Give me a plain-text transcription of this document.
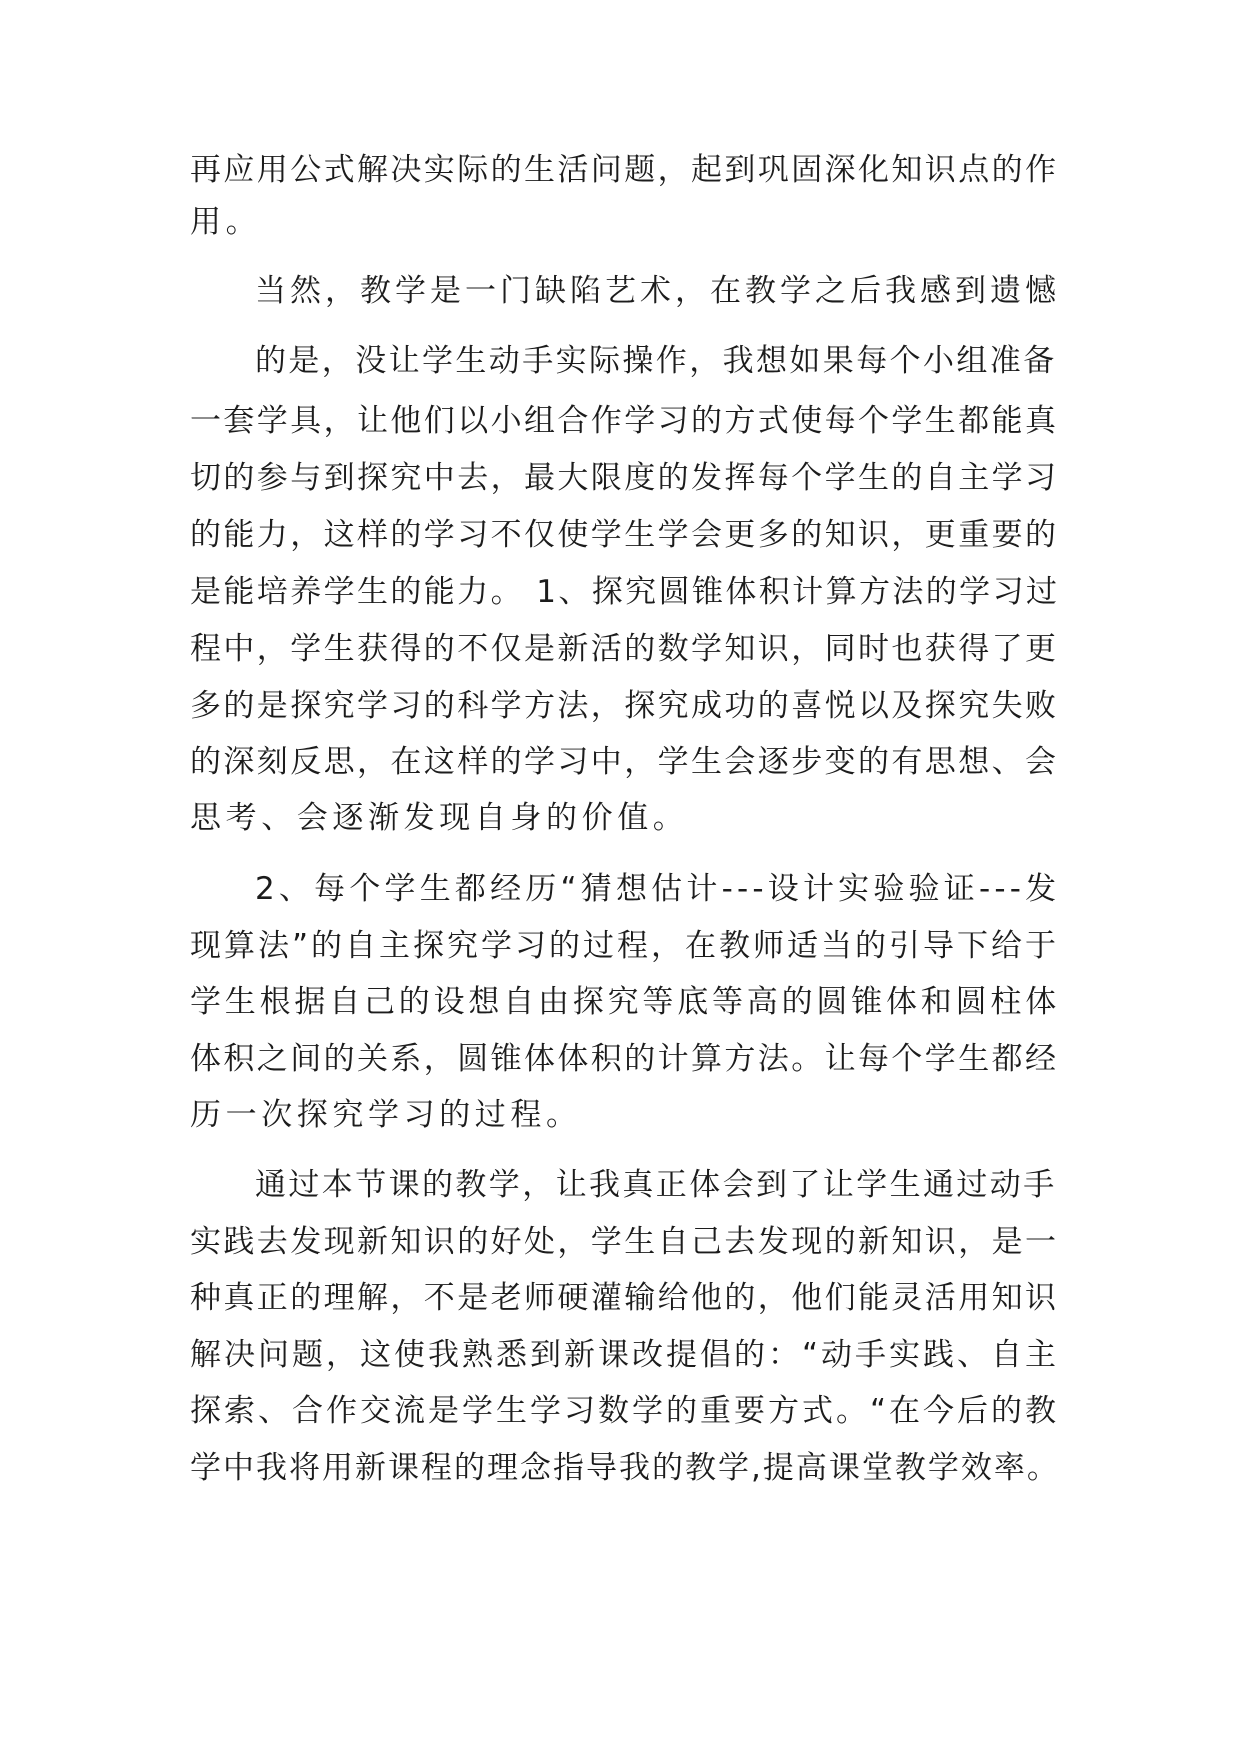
再应用公式解决实际的生活问题，起到巩固深化知识点的作
用。
当然，教学是一门缺陷艺术，在教学之后我感到遗憾
的是，没让学生动手实际操作，我想如果每个小组准备
一套学具，让他们以小组合作学习的方式使每个学生都能真
切的参与到探究中去，最大限度的发挥每个学生的自主学习
的能力，这样的学习不仅使学生学会更多的知识，更重要的
是能培养学生的能力。 1、探究圆锥体积计算方法的学习过
程中，学生获得的不仅是新活的数学知识，同时也获得了更
多的是探究学习的科学方法，探究成功的喜悦以及探究失败
的深刻反思，在这样的学习中，学生会逐步变的有思想、会
思考、会逐渐发现自身的价值。
2、每个学生都经历“猜想估计---设计实验验证---发
现算法”的自主探究学习的过程，在教师适当的引导下给于
学生根据自己的设想自由探究等底等高的圆锥体和圆柱体
体积之间的关系，圆锥体体积的计算方法。让每个学生都经
历一次探究学习的过程。
通过本节课的教学，让我真正体会到了让学生通过动手
实践去发现新知识的好处，学生自己去发现的新知识，是一
种真正的理解，不是老师硬灌输给他的，他们能灵活用知识
解决问题，这使我熟悉到新课改提倡的：“动手实践、自主
探索、合作交流是学生学习数学的重要方式。“在今后的教
学中我将用新课程的理念指导我的教学,提高课堂教学效率。
